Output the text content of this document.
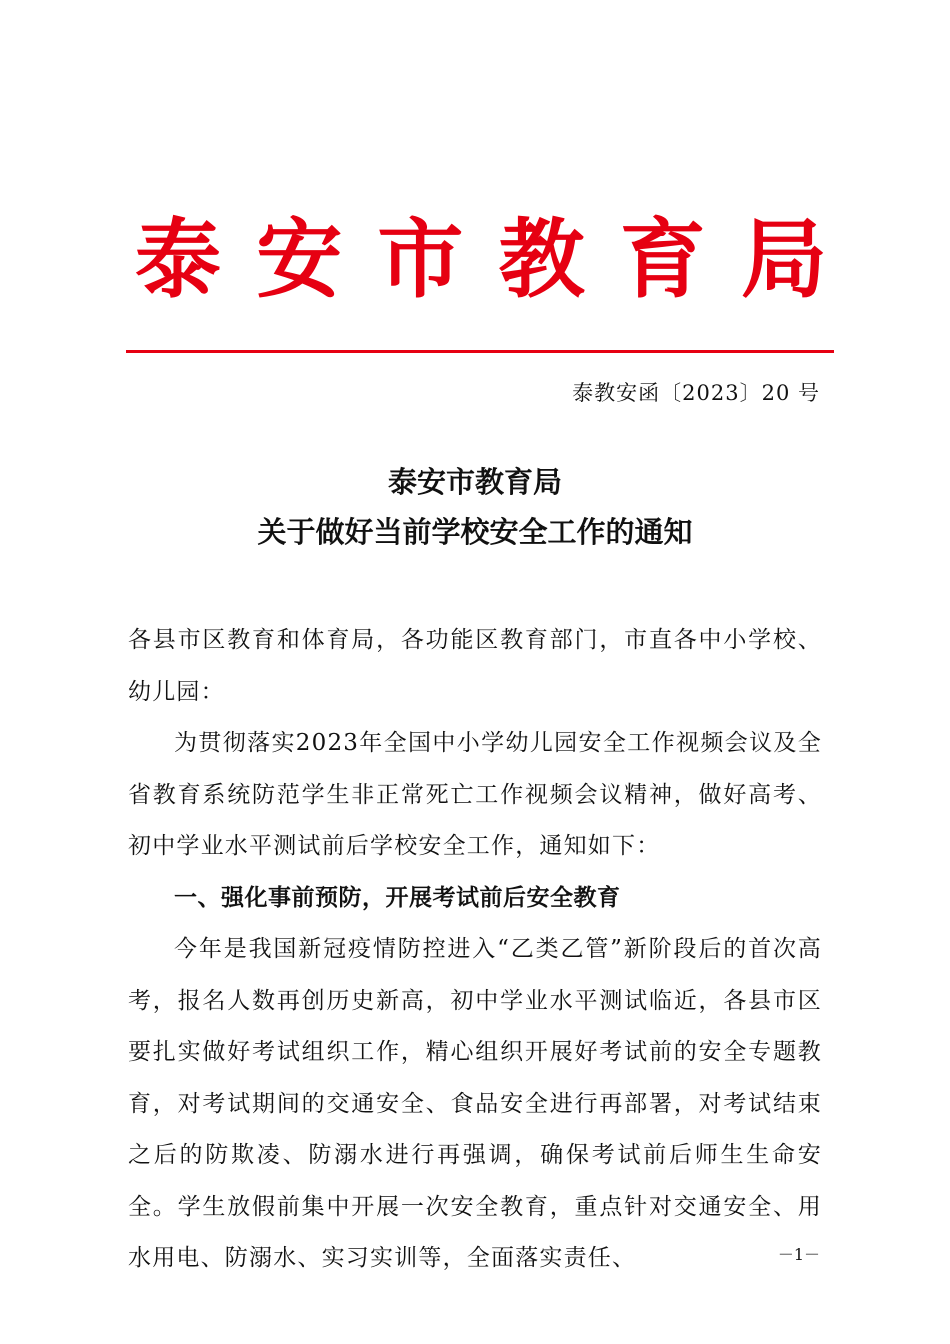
泰 安 市 教 育 局
泰教安函〔2023〕20 号
泰安市教育局
关于做好当前学校安全工作的通知

各县市区教育和体育局，各功能区教育部门，市直各中小学校、幼儿园：

为贯彻落实2023年全国中小学幼儿园安全工作视频会议及全省教育系统防范学生非正常死亡工作视频会议精神，做好高考、初中学业水平测试前后学校安全工作，通知如下：

一、强化事前预防，开展考试前后安全教育

今年是我国新冠疫情防控进入“乙类乙管”新阶段后的首次高考，报名人数再创历史新高，初中学业水平测试临近，各县市区要扎实做好考试组织工作，精心组织开展好考试前的安全专题教育，对考试期间的交通安全、食品安全进行再部署，对考试结束之后的防欺凌、防溺水进行再强调，确保考试前后师生生命安全。学生放假前集中开展一次安全教育，重点针对交通安全、用水用电、防溺水、实习实训等，全面落实责任、	－1－
